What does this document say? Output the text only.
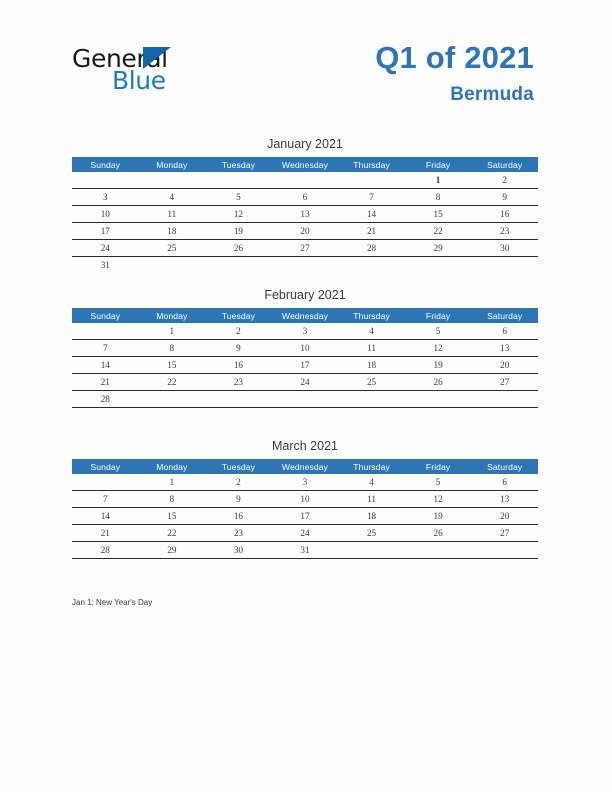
General
Blue
Q1 of 2021
Bermuda
January 2021
Sunday	Monday	Tuesday	Wednesday	Thursday	Friday	Saturday
					1	2
3	4	5	6	7	8	9
10	11	12	13	14	15	16
17	18	19	20	21	22	23
24	25	26	27	28	29	30
31						
February 2021
Sunday	Monday	Tuesday	Wednesday	Thursday	Friday	Saturday
	1	2	3	4	5	6
7	8	9	10	11	12	13
14	15	16	17	18	19	20
21	22	23	24	25	26	27
28						
March 2021
Sunday	Monday	Tuesday	Wednesday	Thursday	Friday	Saturday
	1	2	3	4	5	6
7	8	9	10	11	12	13
14	15	16	17	18	19	20
21	22	23	24	25	26	27
28	29	30	31			
Jan 1: New Year's Day
